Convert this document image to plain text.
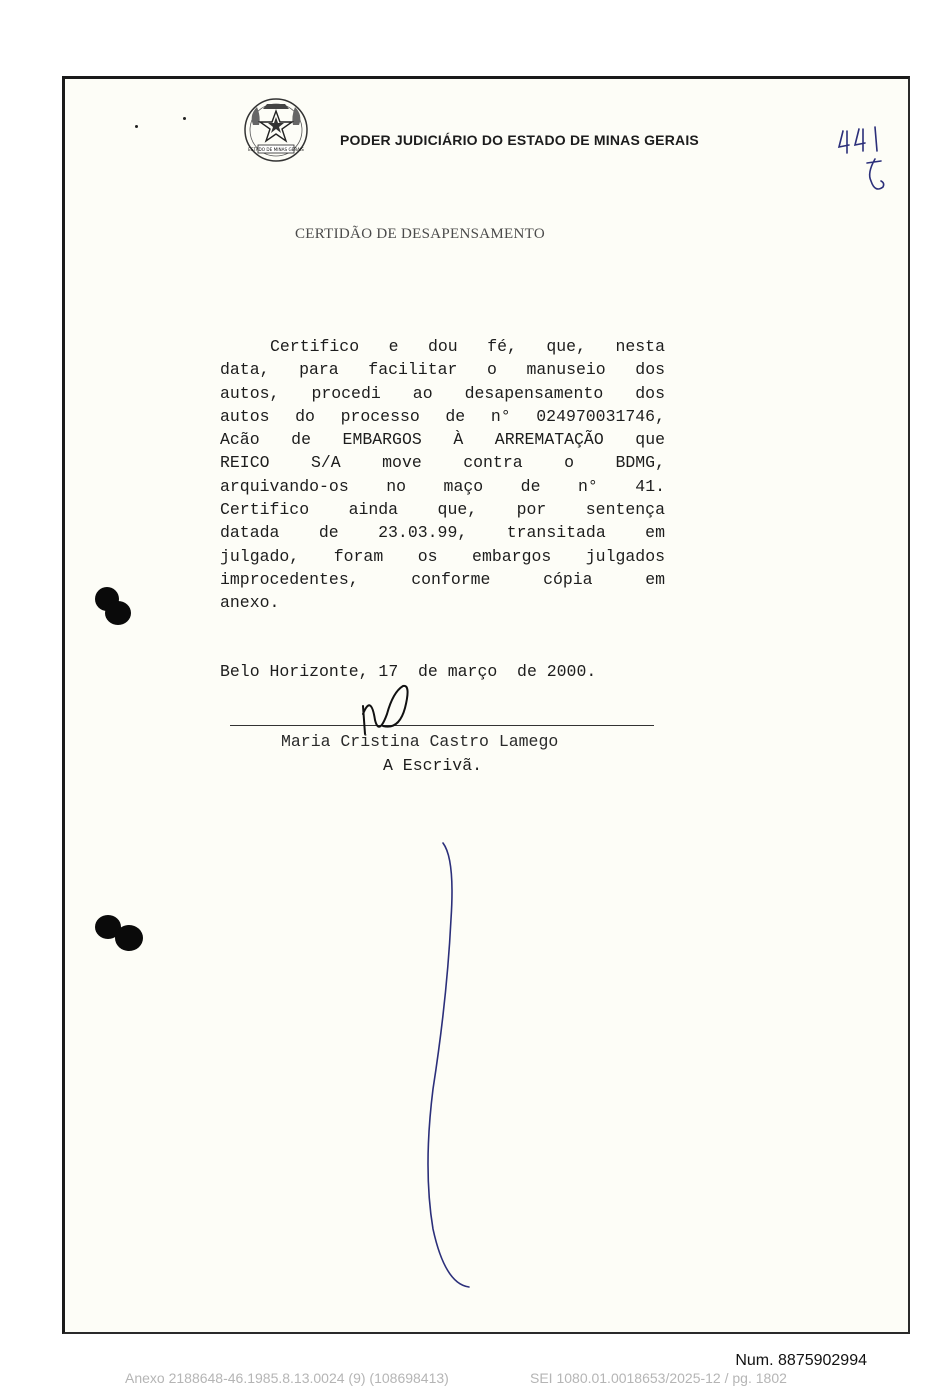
ESTADO DE MINAS GERAIS
PODER JUDICIÁRIO DO ESTADO DE MINAS GERAIS
CERTIDÃO DE DESAPENSAMENTO
Certifico e dou fé, que, nesta
data, para facilitar o manuseio dos
autos, procedi ao desapensamento dos
autos do processo de n° 024970031746,
Acão de EMBARGOS À ARREMATAÇÃO que
REICO S/A move contra o BDMG,
arquivando-os no maço de n° 41.
Certifico ainda que, por sentença
datada de 23.03.99, transitada em
julgado, foram os embargos julgados
improcedentes, conforme cópia em
anexo.
Belo Horizonte, 17  de março  de 2000.
Maria Cristina Castro Lamego
A Escrivã.
Num. 8875902994
Anexo 2188648-46.1985.8.13.0024 (9) (108698413)	SEI 1080.01.0018653/2025-12 / pg. 1802
